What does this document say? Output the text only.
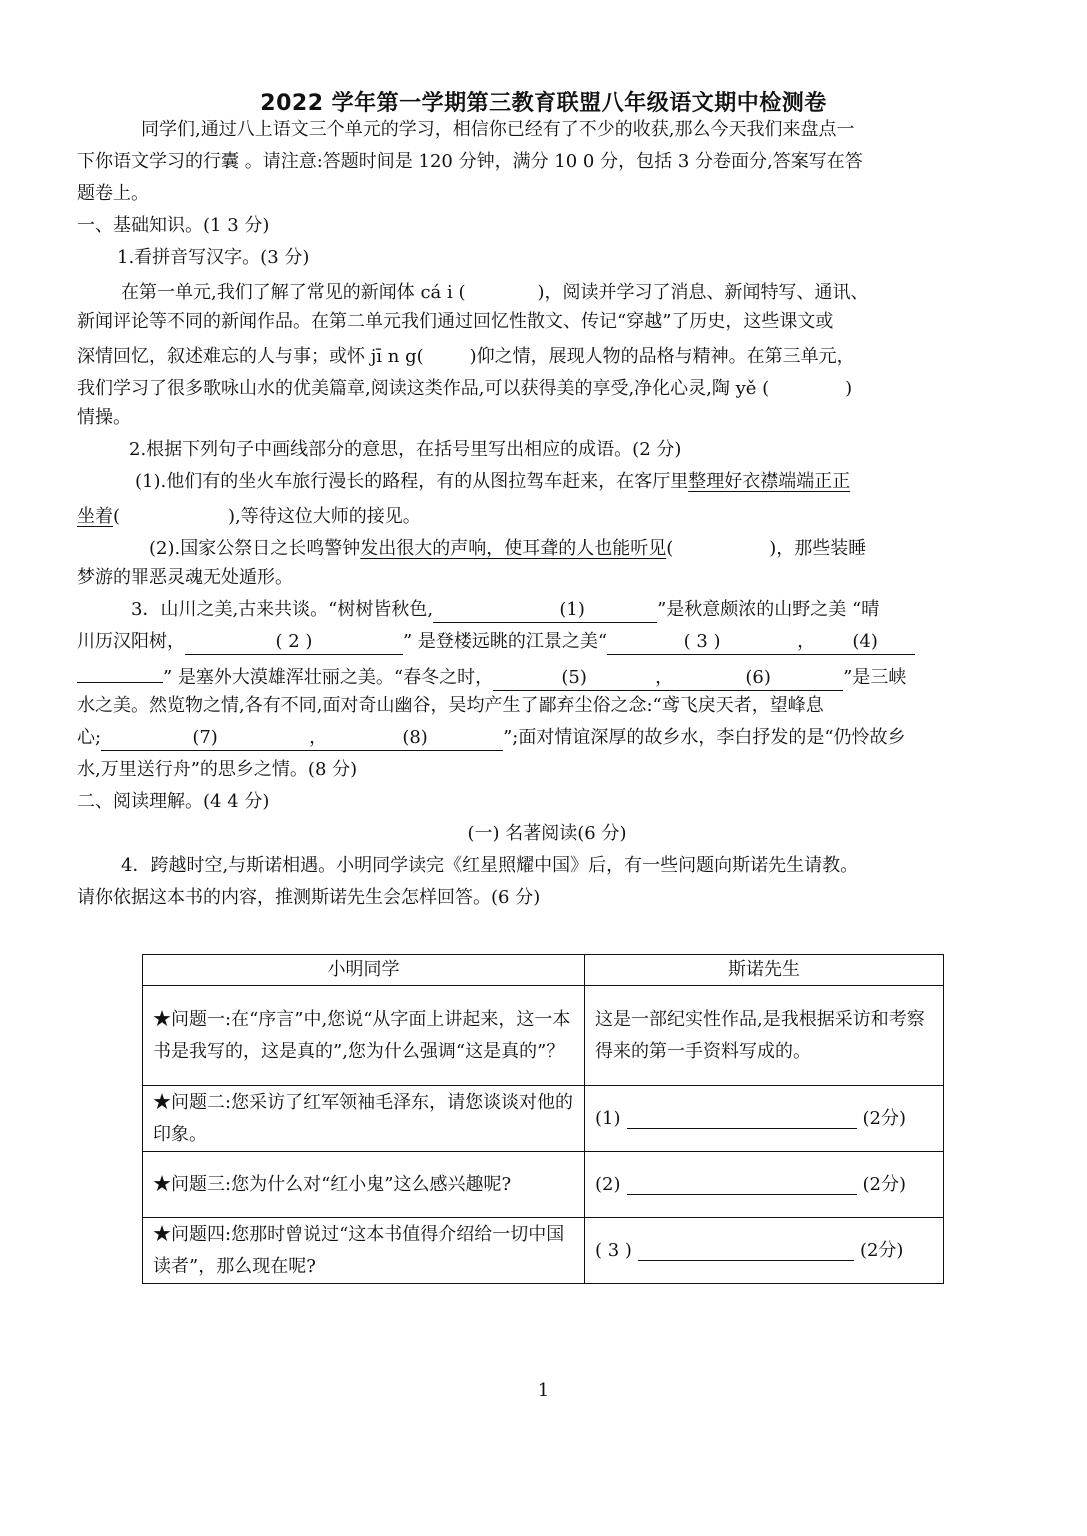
2022 学年第一学期第三教育联盟八年级语文期中检测卷

同学们,通过八上语文三个单元的学习，相信你已经有了不少的收获,那么今天我们来盘点一

下你语文学习的行囊 。请注意:答题时间是 120 分钟，满分 10 0 分，包括 3 分卷面分,答案写在答

题卷上。

一、基础知识。(1 3 分)

1.看拼音写汉字。(3 分)

在第一单元,我们了解了常见的新闻体 cá i (	)，阅读并学习了消息、新闻特写、通讯、

新闻评论等不同的新闻作品。在第二单元我们通过回忆性散文、传记“穿越”了历史，这些课文或

深情回忆，叙述难忘的人与事；或怀 jī n g(	)仰之情，展现人物的品格与精神。在第三单元，

我们学习了很多歌咏山水的优美篇章,阅读这类作品,可以获得美的享受,净化心灵,陶 yě (	)

情操。

2.根据下列句子中画线部分的意思，在括号里写出相应的成语。(2 分)

(1).他们有的坐火车旅行漫长的路程，有的从图拉驾车赶来，在客厅里整理好衣襟端端正正

坐着(	),等待这位大师的接见。

(2).国家公祭日之长鸣警钟发出很大的声响，使耳聋的人也能听见(	)，那些装睡

梦游的罪恶灵魂无处遁形。

3．山川之美,古来共谈。“树树皆秋色,	(1)	”是秋意颇浓的山野之美 “晴

川历汉阳树，	( 2 )	” 是登楼远眺的江景之美“	( 3 )	， (4)

” 是塞外大漠雄浑壮丽之美。“春冬之时，	(5)	，	(6)	”是三峡

水之美。然览物之情,各有不同,面对奇山幽谷，吴均产生了鄙弃尘俗之念:“鸢飞戾天者，望峰息

心;	(7)	，	(8)	”;面对情谊深厚的故乡水，李白抒发的是“仍怜故乡

水,万里送行舟”的思乡之情。(8 分)

二、阅读理解。(4 4 分)

(一) 名著阅读(6 分)

4．跨越时空,与斯诺相遇。小明同学读完《红星照耀中国》后，有一些问题向斯诺先生请教。

请你依据这本书的内容，推测斯诺先生会怎样回答。(6 分)

小明同学	斯诺先生
★问题一:在“序言”中,您说“从字面上讲起来，这一本书是我写的，这是真的”,您为什么强调“这是真的”？	这是一部纪实性作品,是我根据采访和考察得来的第一手资料写成的。
★问题二:您采访了红军领袖毛泽东，请您谈谈对他的印象。	(1) (2分)
★问题三:您为什么对“红小鬼”这么感兴趣呢?	(2) (2分)
★问题四:您那时曾说过“这本书值得介绍给一切中国读者”，那么现在呢?	( 3 ) (2分)
1
